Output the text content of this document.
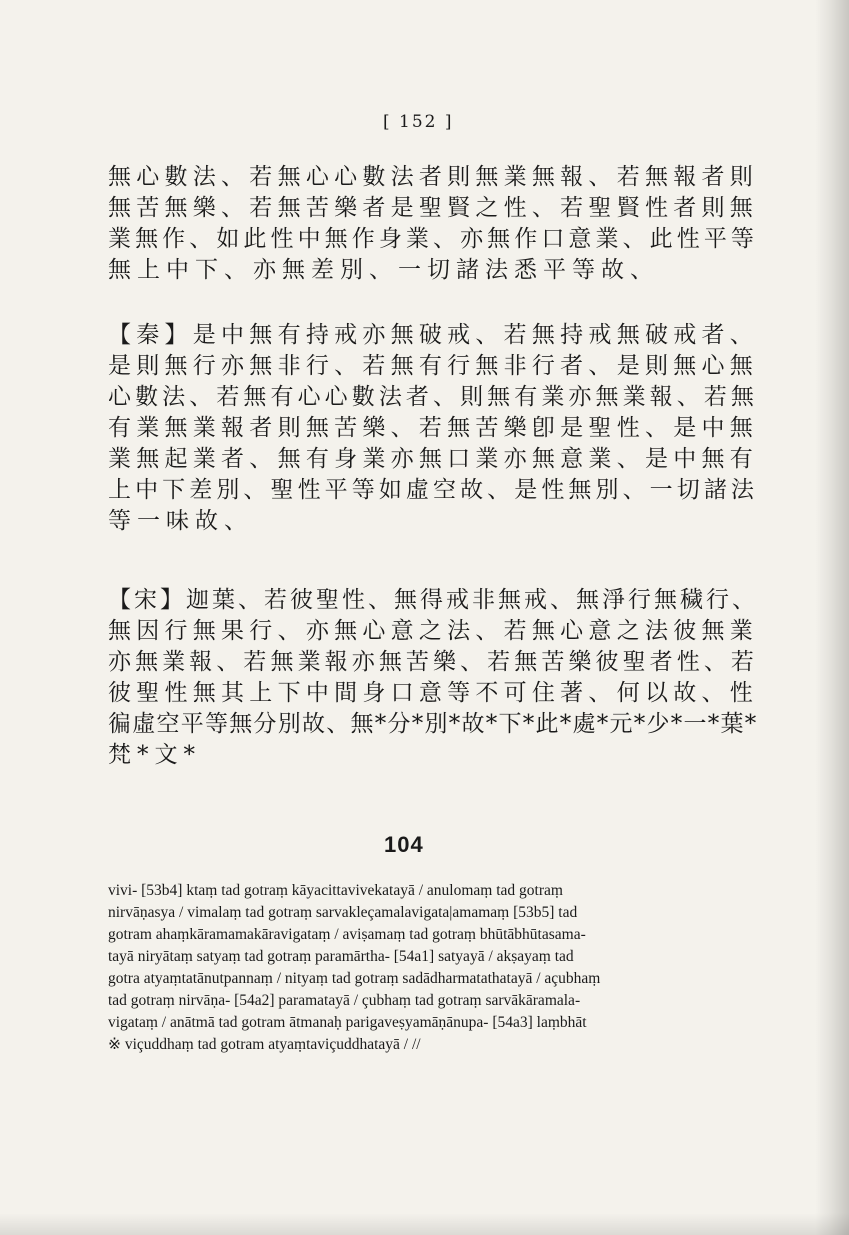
[ 152 ]
無心數法、若無心心數法者則無業無報、若無報者則
無苦無樂、若無苦樂者是聖賢之性、若聖賢性者則無
業無作、如此性中無作身業、亦無作口意業、此性平等
無上中下、亦無差別、一切諸法悉平等故、
【秦】是中無有持戒亦無破戒、若無持戒無破戒者、
是則無行亦無非行、若無有行無非行者、是則無心無
心數法、若無有心心數法者、則無有業亦無業報、若無
有業無業報者則無苦樂、若無苦樂卽是聖性、是中無
業無起業者、無有身業亦無口業亦無意業、是中無有
上中下差別、聖性平等如虛空故、是性無別、一切諸法
等一味故、
【宋】迦葉、若彼聖性、無得戒非無戒、無淨行無穢行、
無因行無果行、亦無心意之法、若無心意之法彼無業
亦無業報、若無業報亦無苦樂、若無苦樂彼聖者性、若
彼聖性無其上下中間身口意等不可住著、何以故、性
徧虛空平等無分別故、無*分*別*故*下*此*處*元*少*一*葉*
梵*文*
104
vivi- [53b4] ktaṃ tad gotraṃ kāyacittavivekatayā / anulomaṃ tad gotraṃ
nirvāṇasya / vimalaṃ tad gotraṃ sarvakleçamalavigata|amamaṃ [53b5] tad
gotram ahaṃkāramamakāravigataṃ / aviṣamaṃ tad gotraṃ bhūtābhūtasama-
tayā niryātaṃ satyaṃ tad gotraṃ paramārtha- [54a1] satyayā / akṣayaṃ tad
gotra atyaṃtatānutpannaṃ / nityaṃ tad gotraṃ sadādharmatathatayā / açubhaṃ
tad gotraṃ nirvāṇa- [54a2] paramatayā / çubhaṃ tad gotraṃ sarvākāramala-
vigataṃ / anātmā tad gotram ātmanaḥ parigaveṣyamāṇānupa- [54a3] laṃbhāt
※ viçuddhaṃ tad gotram atyaṃtaviçuddhatayā / //
